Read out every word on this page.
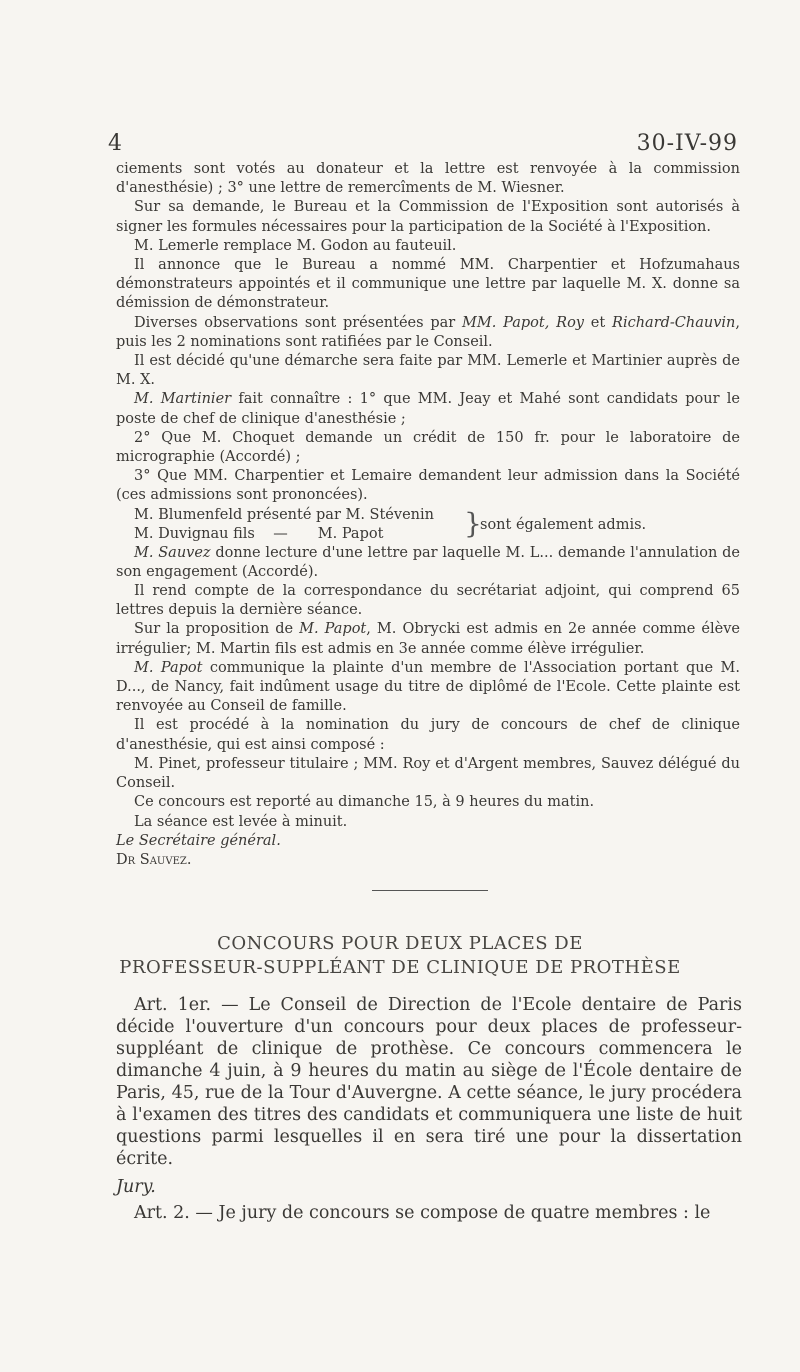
4	30-IV-99

ciements sont votés au donateur et la lettre est renvoyée à la commission d'anesthésie) ; 3° une lettre de remercîments de M. Wiesner.

Sur sa demande, le Bureau et la Commission de l'Exposition sont autorisés à signer les formules nécessaires pour la participation de la Société à l'Exposition.

M. Lemerle remplace M. Godon au fauteuil.

Il annonce que le Bureau a nommé MM. Charpentier et Hofzumahaus démonstrateurs appointés et il communique une lettre par laquelle M. X. donne sa démission de démonstrateur.

Diverses observations sont présentées par MM. Papot, Roy et Richard-Chauvin, puis les 2 nominations sont ratifiées par le Conseil.

Il est décidé qu'une démarche sera faite par MM. Lemerle et Martinier auprès de M. X.

M. Martinier fait connaître : 1° que MM. Jeay et Mahé sont candidats pour le poste de chef de clinique d'anesthésie ;

2° Que M. Choquet demande un crédit de 150 fr. pour le laboratoire de micrographie (Accordé) ;

3° Que MM. Charpentier et Lemaire demandent leur admission dans la Société (ces admissions sont prononcées).

M. Blumenfeld présenté par M. Stévenin
M. Duvignau fils    — M. Papot	}
sont également admis.

M. Sauvez donne lecture d'une lettre par laquelle M. L... demande l'annulation de son engagement (Accordé).

Il rend compte de la correspondance du secrétariat adjoint, qui comprend 65 lettres depuis la dernière séance.

Sur la proposition de M. Papot, M. Obrycki est admis en 2e année comme élève irrégulier; M. Martin fils est admis en 3e année comme élève irrégulier.

M. Papot communique la plainte d'un membre de l'Association portant que M. D..., de Nancy, fait indûment usage du titre de diplômé de l'Ecole. Cette plainte est renvoyée au Conseil de famille.

Il est procédé à la nomination du jury de concours de chef de clinique d'anesthésie, qui est ainsi composé :

M. Pinet, professeur titulaire ; MM. Roy et d'Argent membres, Sauvez délégué du Conseil.

Ce concours est reporté au dimanche 15, à 9 heures du matin.

La séance est levée à minuit.

Le Secrétaire général.

Dr Sauvez.

CONCOURS POUR DEUX PLACES DE
PROFESSEUR-SUPPLÉANT DE CLINIQUE DE PROTHÈSE

Art. 1er. — Le Conseil de Direction de l'Ecole dentaire de Paris décide l'ouverture d'un concours pour deux places de professeur-suppléant de clinique de prothèse. Ce concours commencera le dimanche 4 juin, à 9 heures du matin au siège de l'École dentaire de Paris, 45, rue de la Tour d'Auvergne. A cette séance, le jury procédera à l'examen des titres des candidats et communiquera une liste de huit questions parmi lesquelles il en sera tiré une pour la dissertation écrite.

Jury.

Art. 2. — Je jury de concours se compose de quatre membres : le
